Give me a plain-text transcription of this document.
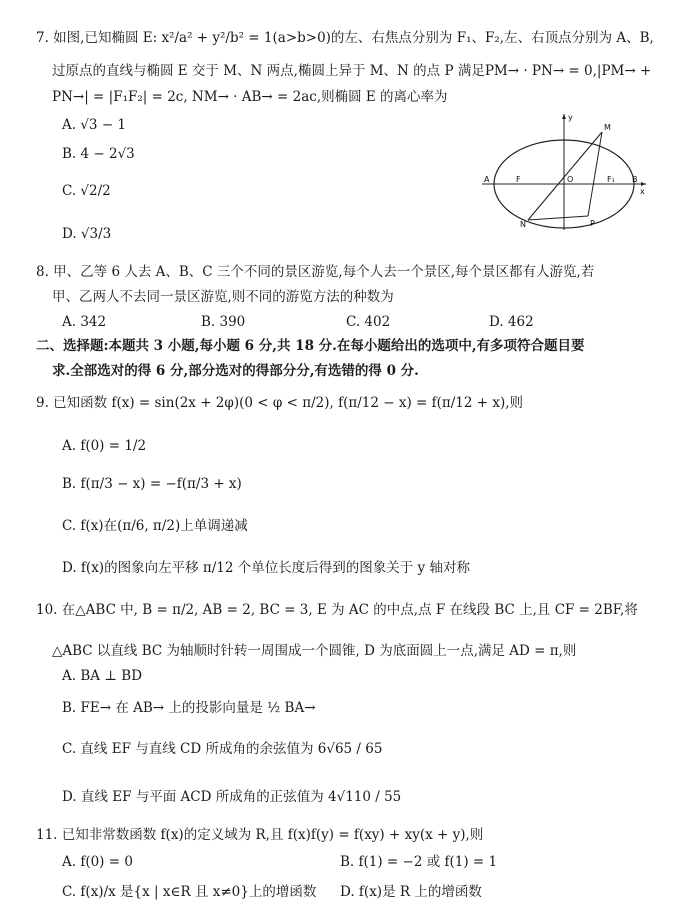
7. 如图,已知椭圆 E: x²/a² + y²/b² = 1(a>b>0)的左、右焦点分别为 F₁、F₂,左、右顶点分别为 A、B,
过原点的直线与椭圆 E 交于 M、N 两点,椭圆上异于 M、N 的点 P 满足PM→ · PN→ = 0,|PM→ +
PN→| = |F₁F₂| = 2c, NM→ · AB→ = 2ac,则椭圆 E 的离心率为
A. √3 − 1
B. 4 − 2√3
C. √2/2
D. √3/3
A	F	O	F₁ B
x
y
M
N	P
8. 甲、乙等 6 人去 A、B、C 三个不同的景区游览,每个人去一个景区,每个景区都有人游览,若
甲、乙两人不去同一景区游览,则不同的游览方法的种数为
A. 342	B. 390	C. 402	D. 462
二、选择题:本题共 3 小题,每小题 6 分,共 18 分.在每小题给出的选项中,有多项符合题目要
求.全部选对的得 6 分,部分选对的得部分分,有选错的得 0 分.
9. 已知函数 f(x) = sin(2x + 2φ)(0 < φ < π/2), f(π/12 − x) = f(π/12 + x),则
A. f(0) = 1/2
B. f(π/3 − x) = −f(π/3 + x)
C. f(x)在(π/6, π/2)上单调递减
D. f(x)的图象向左平移 π/12 个单位长度后得到的图象关于 y 轴对称
10. 在△ABC 中, B = π/2, AB = 2, BC = 3, E 为 AC 的中点,点 F 在线段 BC 上,且 CF = 2BF,将
△ABC 以直线 BC 为轴顺时针转一周围成一个圆锥, D 为底面圆上一点,满足 AD = π,则
A. BA ⊥ BD
B. FE→ 在 AB→ 上的投影向量是 ½ BA→
C. 直线 EF 与直线 CD 所成角的余弦值为 6√65 / 65
D. 直线 EF 与平面 ACD 所成角的正弦值为 4√110 / 55
11. 已知非常数函数 f(x)的定义域为 R,且 f(x)f(y) = f(xy) + xy(x + y),则
A. f(0) = 0	B. f(1) = −2 或 f(1) = 1
C. f(x)/x 是{x | x∈R 且 x≠0}上的增函数 D. f(x)是 R 上的增函数
